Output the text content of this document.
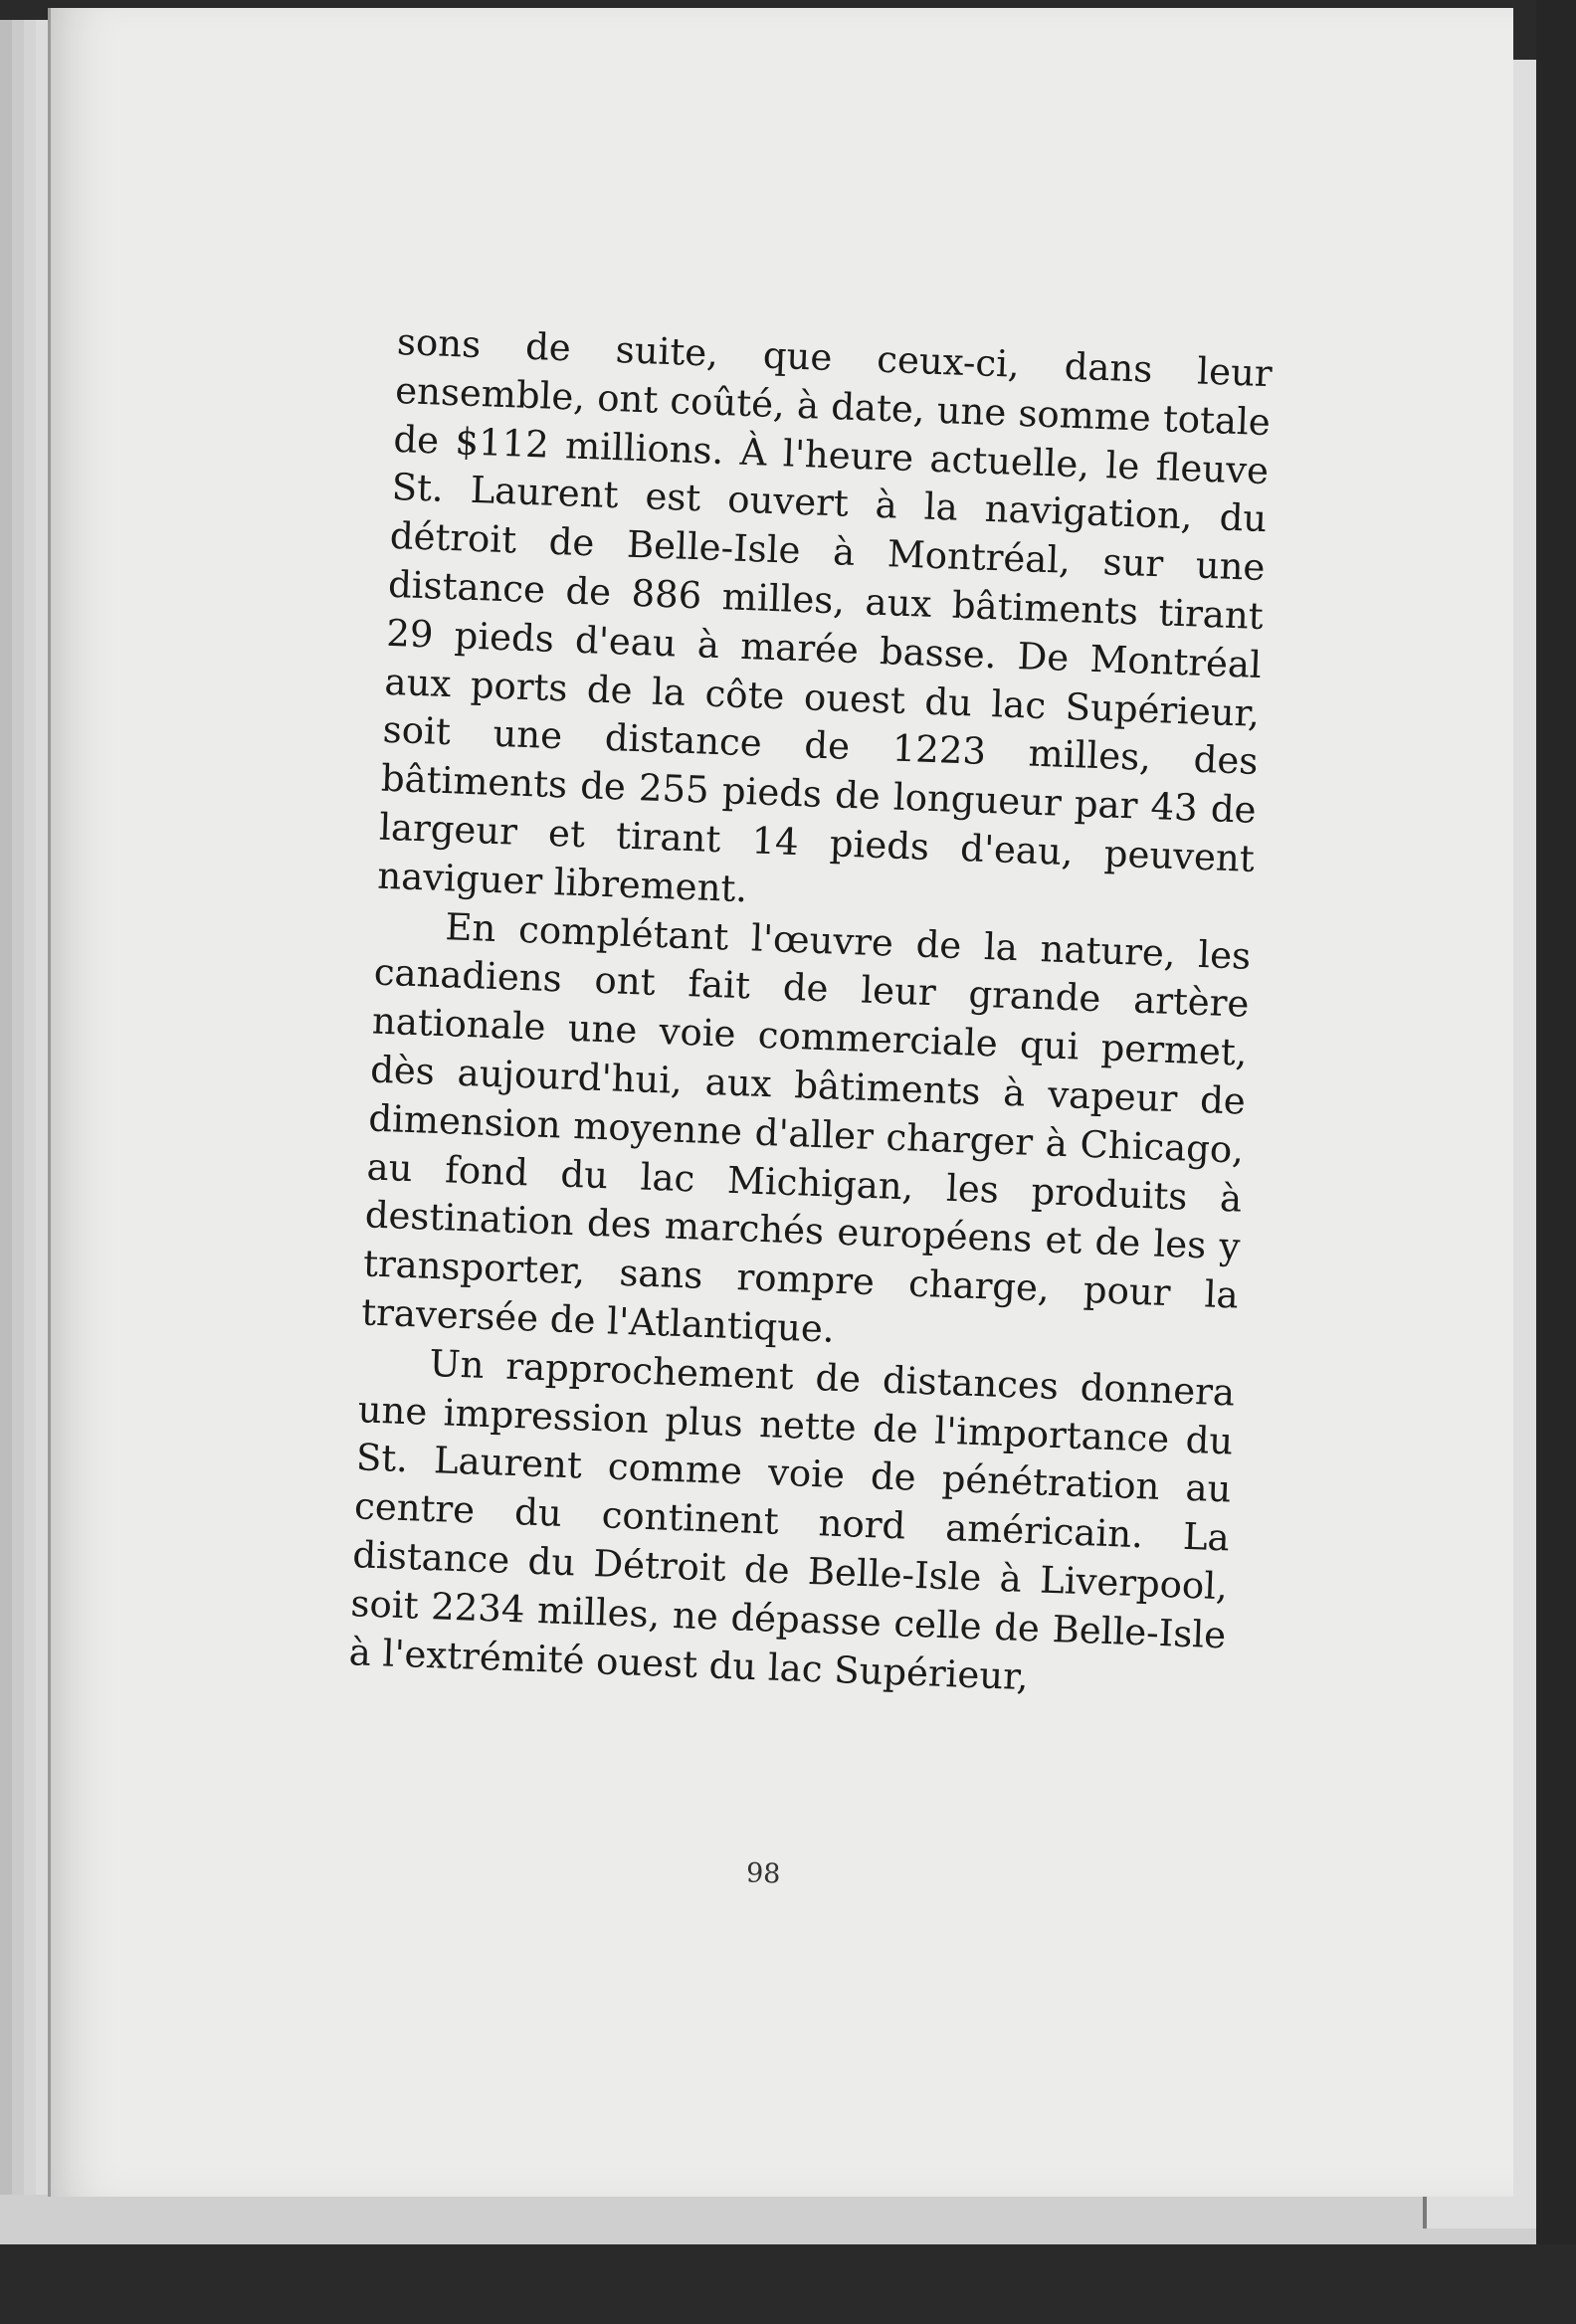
sons de suite, que ceux-ci, dans leur ensemble, ont coûté, à date, une somme totale de $112 millions. À l'heure actuelle, le fleuve St. Laurent est ouvert à la navigation, du détroit de Belle-Isle à Montréal, sur une distance de 886 milles, aux bâtiments tirant 29 pieds d'eau à marée basse. De Montréal aux ports de la côte ouest du lac Supérieur, soit une distance de 1223 milles, des bâtiments de 255 pieds de longueur par 43 de largeur et tirant 14 pieds d'eau, peuvent naviguer librement.

En complétant l'œuvre de la nature, les canadiens ont fait de leur grande artère nationale une voie commerciale qui permet, dès aujourd'hui, aux bâtiments à vapeur de dimension moyenne d'aller charger à Chicago, au fond du lac Michigan, les produits à destination des marchés européens et de les y transporter, sans rompre charge, pour la traversée de l'Atlantique.

Un rapprochement de distances donnera une impression plus nette de l'importance du St. Laurent comme voie de pénétration au centre du continent nord américain. La distance du Détroit de Belle-Isle à Liverpool, soit 2234 milles, ne dépasse celle de Belle-Isle à l'extrémité ouest du lac Supérieur,

98
